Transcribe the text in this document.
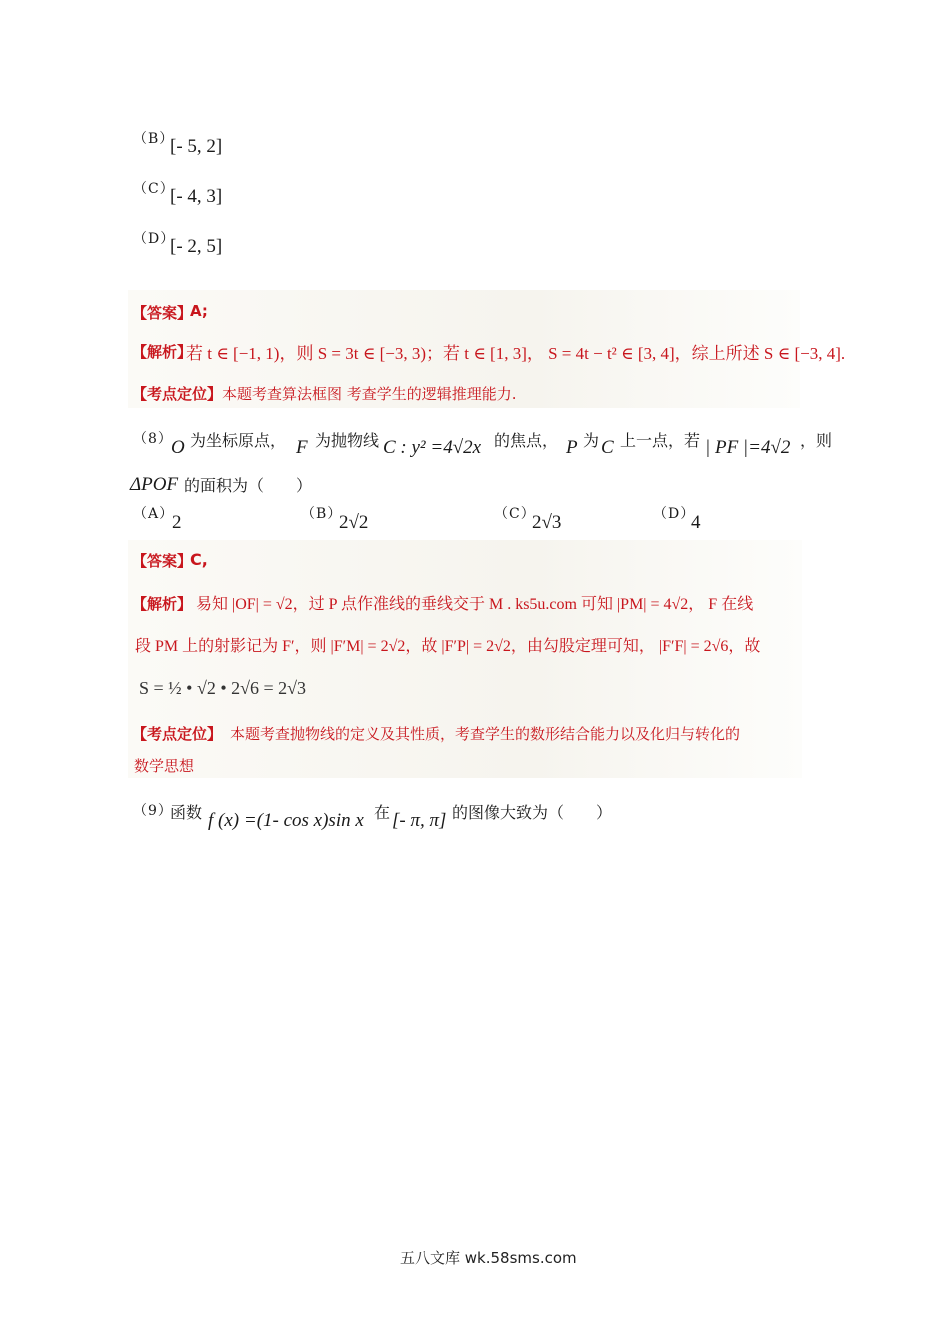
（B）
[- 5, 2]
（C）
[- 4, 3]
（D）
[- 2, 5]
【答案】
A;
【解析】
若 t ∈ [−1, 1)，则 S = 3t ∈ [−3, 3)；若 t ∈ [1, 3]， S = 4t − t² ∈ [3, 4]，综上所述 S ∈ [−3, 4].
【考点定位】 本题考查算法框图 考查学生的逻辑推理能力.
（8）
O 为坐标原点， F 为抛物线 C : y² =4√2x 的焦点， P 为 C 上一点，若 | PF |=4√2 ，则
ΔPOF 的面积为（　　）
（A）
2	（B）
2√2	（C）
2√3	（D）
4
【答案】
C,
【解析】 易知 |OF| = √2，过 P 点作准线的垂线交于 M . ks5u.com 可知 |PM| = 4√2， F 在线
段 PM 上的射影记为 F′，则 |F′M| = 2√2，故 |F′P| = 2√2，由勾股定理可知， |F′F| = 2√6，故
S = ½ • √2 • 2√6 = 2√3
【考点定位】 本题考查抛物线的定义及其性质，考查学生的数形结合能力以及化归与转化的
数学思想
（9）
函数 f (x) =(1- cos x)sin x 在 [- π, π] 的图像大致为（　　）
五八文库 wk.58sms.com
